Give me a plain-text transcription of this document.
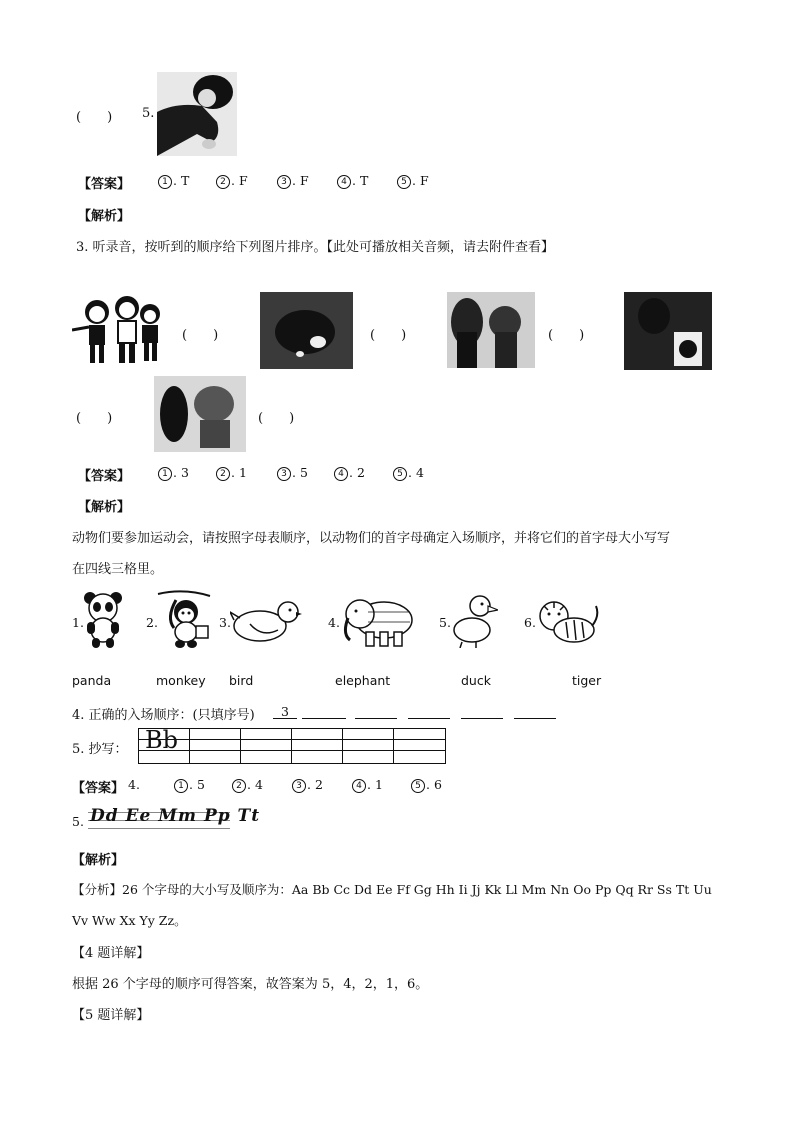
(　　) 5.
【答案】	1 . T	2 . F	3 . F	4 . T	5 . F
【解析】
3. 听录音，按听到的顺序给下列图片排序。【此处可播放相关音频，请去附件查看】
(　　)	(　　)	(　　)
(　　)	(　　)
【答案】	1 . 3	2 . 1	3 . 5	4 . 2	5 . 4
【解析】
动物们要参加运动会，请按照字母表顺序，以动物们的首字母确定入场顺序，并将它们的首字母大小写写
在四线三格里。
1.	2.	3.	4.	5.	6.
panda	monkey bird	elephant	duck	tiger
4. 正确的入场顺序：(只填序号)	3
5. 抄写： Bb
【答案】 4.	1 . 5	2 . 4	3 . 2	4 . 1	5 . 6
5. Dd Ee Mm Pp Tt
【解析】
【分析】26 个字母的大小写及顺序为：Aa Bb Cc Dd Ee Ff Gg Hh Ii Jj Kk Ll Mm Nn Oo Pp Qq Rr Ss Tt Uu
Vv Ww Xx Yy Zz。
【4 题详解】
根据 26 个字母的顺序可得答案，故答案为 5，4，2，1，6。
【5 题详解】
